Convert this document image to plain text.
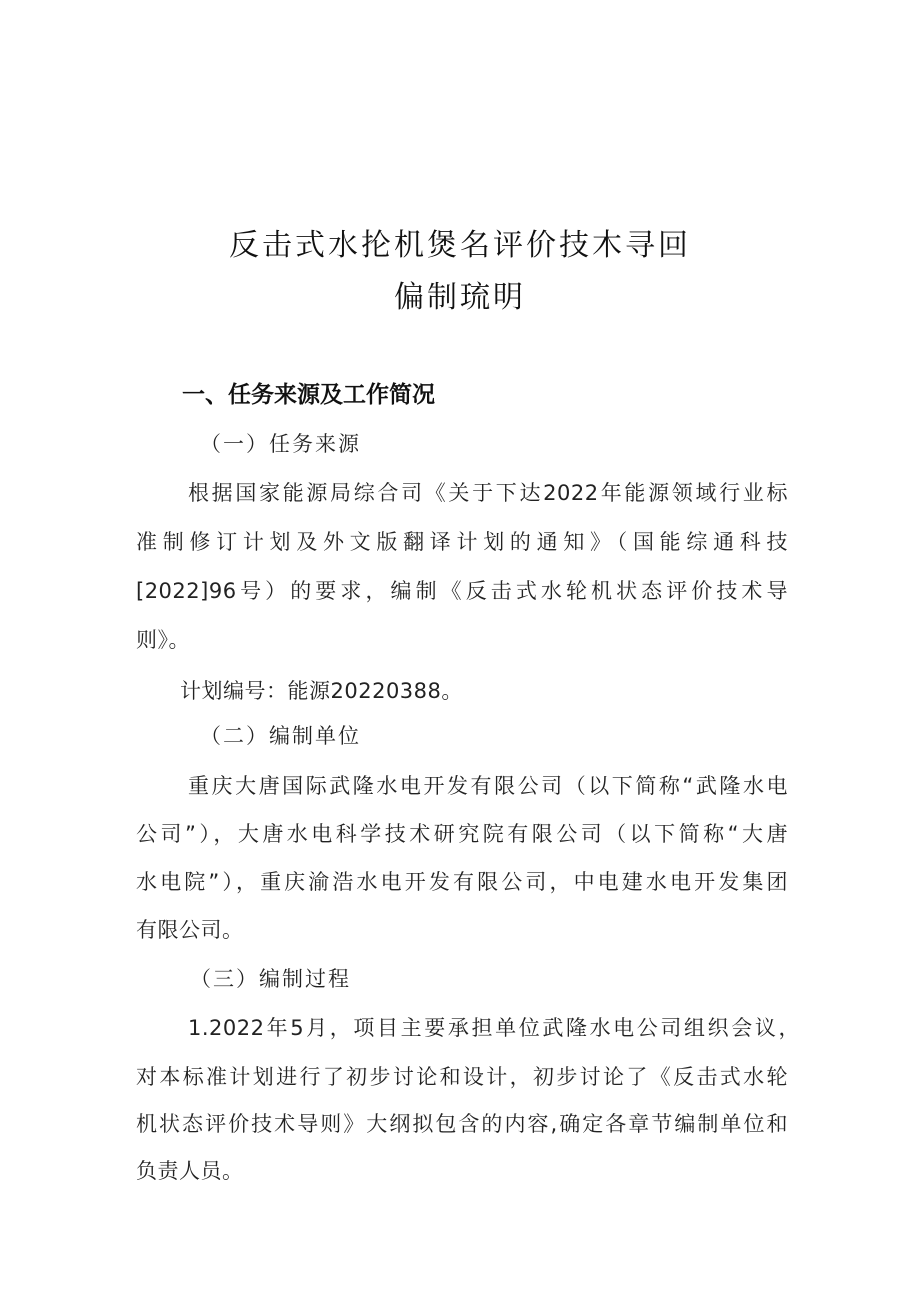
反击式水抡机煲名评价技木寻回
偏制琉明
一、任务来源及工作简况
（一）任务来源
根据国家能源局综合司《关于下达2022年能源领域行业标
准制修订计划及外文版翻译计划的通知》（国能综通科技
[2022]96号）的要求，编制《反击式水轮机状态评价技术导
则》。
计划编号：能源20220388。
（二）编制单位
重庆大唐国际武隆水电开发有限公司（以下简称“武隆水电
公司”），大唐水电科学技术研究院有限公司（以下简称“大唐
水电院”），重庆渝浩水电开发有限公司，中电建水电开发集团
有限公司。
（三）编制过程
1.2022年5月，项目主要承担单位武隆水电公司组织会议，
对本标准计划进行了初步讨论和设计，初步讨论了《反击式水轮
机状态评价技术导则》大纲拟包含的内容,确定各章节编制单位和
负责人员。
